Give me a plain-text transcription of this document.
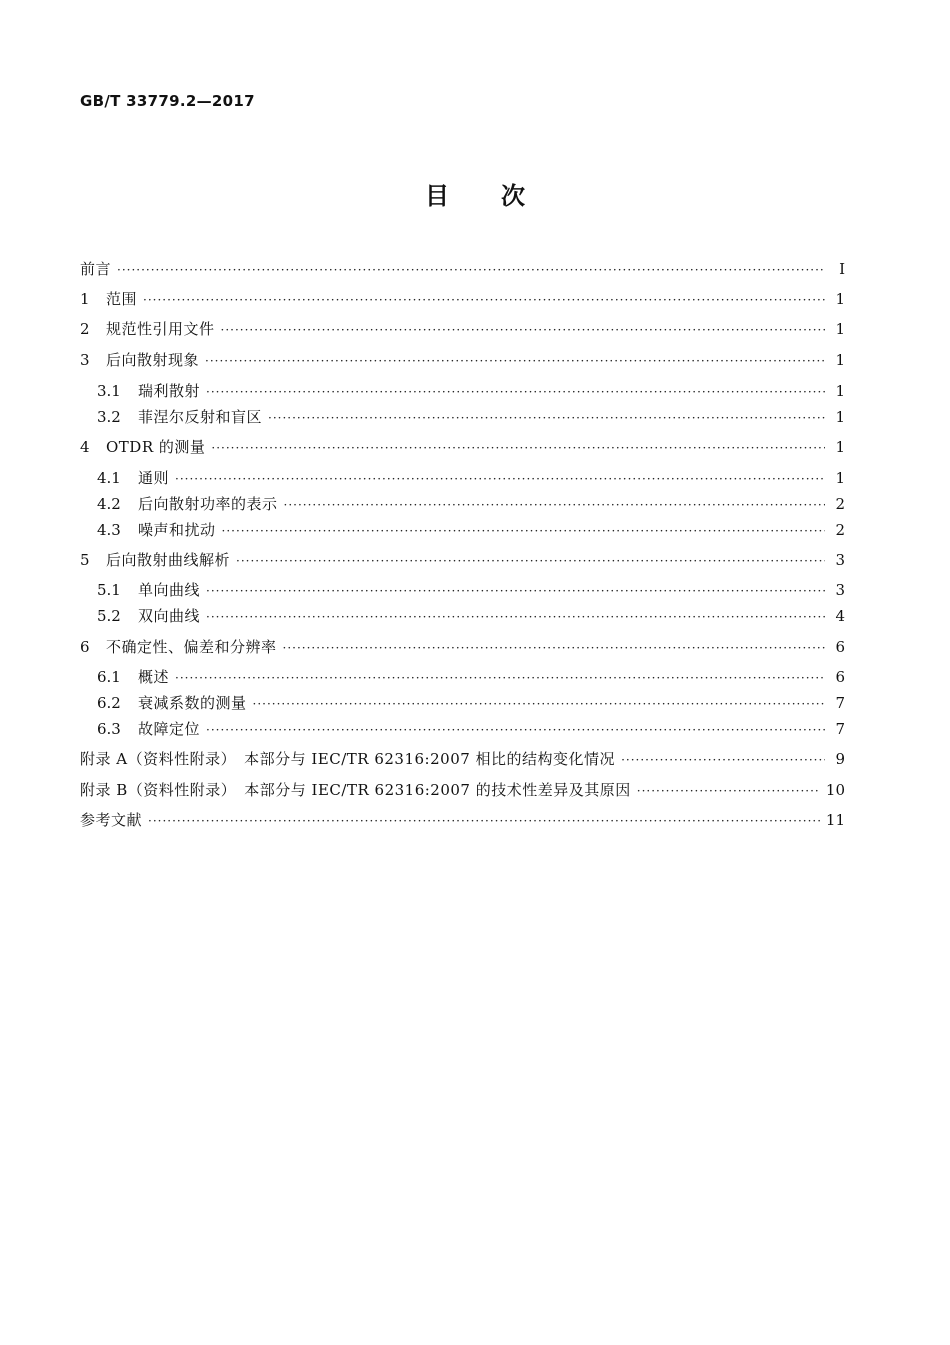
GB/T 33779.2—2017
目 次
前言 ·····	Ⅰ
1	范围 ·····	1
2	规范性引用文件 ·····	1
3	后向散射现象 ·····	1
3.1	瑞利散射 ·····	1
3.2	菲涅尔反射和盲区 ·····	1
4	OTDR 的测量 ·····	1
4.1	通则 ·····	1
4.2	后向散射功率的表示 ·····	2
4.3	噪声和扰动 ·····	2
5	后向散射曲线解析 ·····	3
5.1	单向曲线 ·····	3
5.2	双向曲线 ·····	4
6	不确定性、偏差和分辨率 ·····	6
6.1	概述 ·····	6
6.2	衰减系数的测量 ·····	7
6.3	故障定位 ·····	7
附录 A（资料性附录）　本部分与 IEC/TR 62316:2007 相比的结构变化情况 ·····	9
附录 B（资料性附录）　本部分与 IEC/TR 62316:2007 的技术性差异及其原因 ·····	10
参考文献 ·····	11
